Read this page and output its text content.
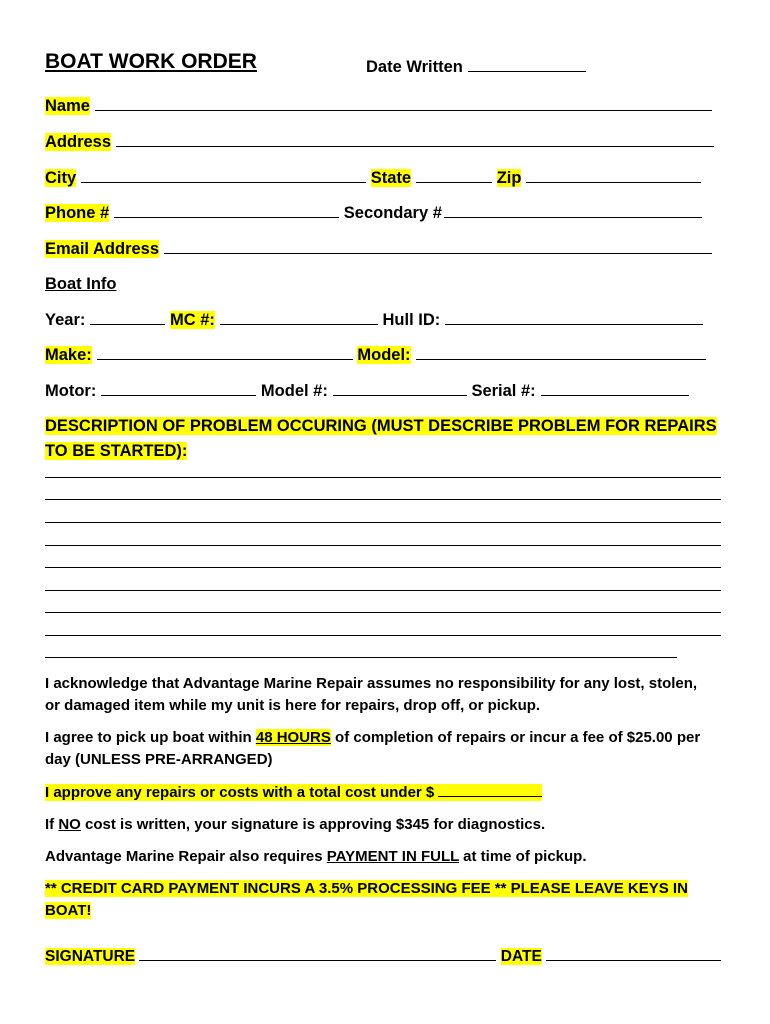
BOAT WORK ORDER	Date Written
Name
Address
City	State	Zip
Phone #	Secondary #
Email Address
Boat Info
Year:	MC #:	Hull ID:
Make:	Model:
Motor:	Model #:	Serial #:
DESCRIPTION OF PROBLEM OCCURING (MUST DESCRIBE PROBLEM FOR REPAIRS
TO BE STARTED):
I acknowledge that Advantage Marine Repair assumes no responsibility for any lost, stolen,
or damaged item while my unit is here for repairs, drop off, or pickup.
I agree to pick up boat within 48 HOURS of completion of repairs or incur a fee of $25.00 per
day (UNLESS PRE-ARRANGED)
I approve any repairs or costs with a total cost under $
If NO cost is written, your signature is approving $345 for diagnostics.
Advantage Marine Repair also requires PAYMENT IN FULL at time of pickup.
** CREDIT CARD PAYMENT INCURS A 3.5% PROCESSING FEE ** PLEASE LEAVE KEYS IN BOAT!
SIGNATURE	DATE
